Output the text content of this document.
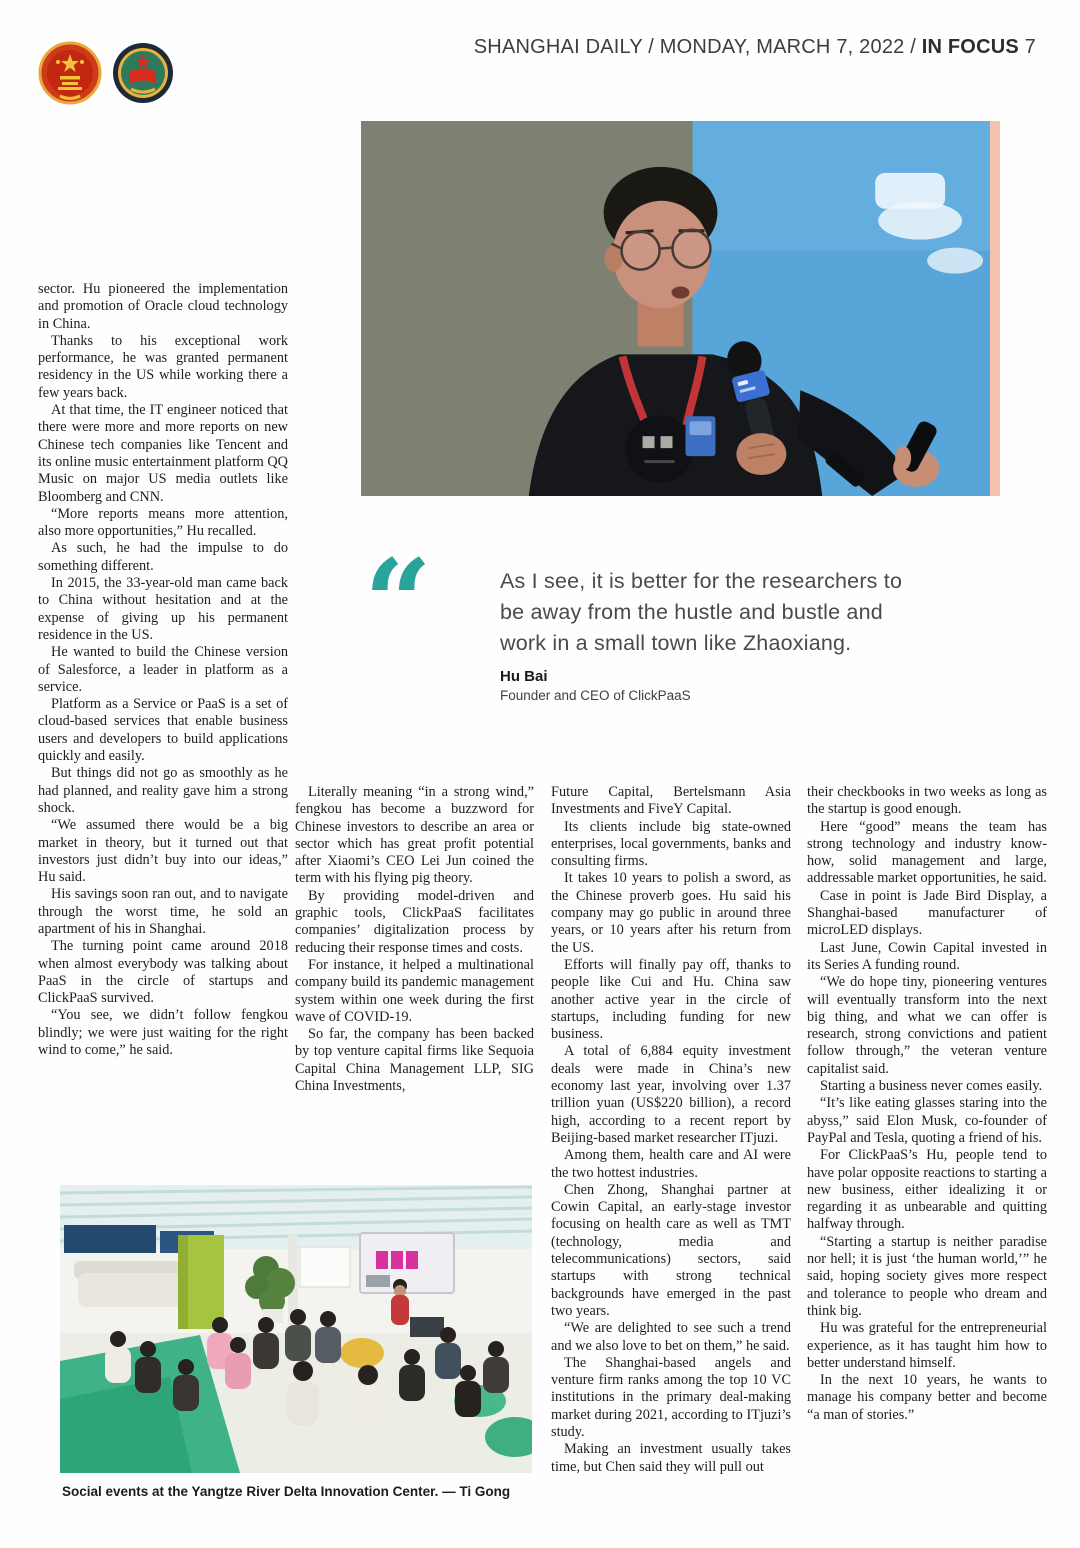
SHANGHAI DAILY / MONDAY, MARCH 7, 2022 / IN FOCUS 7
“	As I see, it is better for the researchers to be away from the hustle and bustle and work in a small town like Zhaoxiang.

Hu Bai

Founder and CEO of ClickPaaS

sector. Hu pioneered the implementation and promotion of Oracle cloud technology in China.

Thanks to his exceptional work performance, he was granted permanent residency in the US while working there a few years back.

At that time, the IT engineer noticed that there were more and more reports on new Chinese tech companies like Tencent and its online music entertainment platform QQ Music on major US media outlets like Bloomberg and CNN.

“More reports means more attention, also more opportunities,” Hu recalled.

As such, he had the impulse to do something different.

In 2015, the 33-year-old man came back to China without hesitation and at the expense of giving up his permanent residence in the US.

He wanted to build the Chinese version of Salesforce, a leader in platform as a service.

Platform as a Service or PaaS is a set of cloud-based services that enable business users and developers to build applications quickly and easily.

But things did not go as smoothly as he had planned, and reality gave him a strong shock.

“We assumed there would be a big market in theory, but it turned out that investors just didn’t buy into our ideas,” Hu said.

His savings soon ran out, and to navigate through the worst time, he sold an apartment of his in Shanghai.

The turning point came around 2018 when almost everybody was talking about PaaS in the circle of startups and ClickPaaS survived.

“You see, we didn’t follow fengkou blindly; we were just waiting for the right wind to come,” he said.

Literally meaning “in a strong wind,” fengkou has become a buzzword for Chinese investors to describe an area or sector which has great profit potential after Xiaomi’s CEO Lei Jun coined the term with his flying pig theory.

By providing model-driven and graphic tools, ClickPaaS facilitates companies’ digitalization process by reducing their response times and costs.

For instance, it helped a multinational company build its pandemic management system within one week during the first wave of COVID-19.

So far, the company has been backed by top venture capital firms like Sequoia Capital China Management LLP, SIG China Investments,

Future Capital, Bertelsmann Asia Investments and FiveY Capital.

Its clients include big state-owned enterprises, local governments, banks and consulting firms.

It takes 10 years to polish a sword, as the Chinese proverb goes. Hu said his company may go public in around three years, or 10 years after his return from the US.

Efforts will finally pay off, thanks to people like Cui and Hu. China saw another active year in the circle of startups, including funding for new business.

A total of 6,884 equity investment deals were made in China’s new economy last year, involving over 1.37 trillion yuan (US$220 billion), a record high, according to a recent report by Beijing-based market researcher ITjuzi.

Among them, health care and AI were the two hottest industries.

Chen Zhong, Shanghai partner at Cowin Capital, an early-stage investor focusing on health care as well as TMT (technology, media and telecommunications) sectors, said startups with strong technical backgrounds have emerged in the past two years.

“We are delighted to see such a trend and we also love to bet on them,” he said.

The Shanghai-based angels and venture firm ranks among the top 10 VC institutions in the primary deal-making market during 2021, according to ITjuzi’s study.

Making an investment usually takes time, but Chen said they will pull out

their checkbooks in two weeks as long as the startup is good enough.

Here “good” means the team has strong technology and industry know-how, solid management and large, addressable market opportunities, he said.

Case in point is Jade Bird Display, a Shanghai-based manufacturer of microLED displays.

Last June, Cowin Capital invested in its Series A funding round.

“We do hope tiny, pioneering ventures will eventually transform into the next big thing, and what we can offer is research, strong convictions and patient follow through,” the veteran venture capitalist said.

Starting a business never comes easily.

“It’s like eating glasses staring into the abyss,” said Elon Musk, co-founder of PayPal and Tesla, quoting a friend of his.

For ClickPaaS’s Hu, people tend to have polar opposite reactions to starting a new business, either idealizing it or regarding it as unbearable and quitting halfway through.

“Starting a startup is neither paradise nor hell; it is just ‘the human world,’” he said, hoping society gives more respect and tolerance to people who dream and think big.

Hu was grateful for the entrepreneurial experience, as it has taught him how to better understand himself.

In the next 10 years, he wants to manage his company better and become “a man of stories.”

Social events at the Yangtze River Delta Innovation Center. — Ti Gong
